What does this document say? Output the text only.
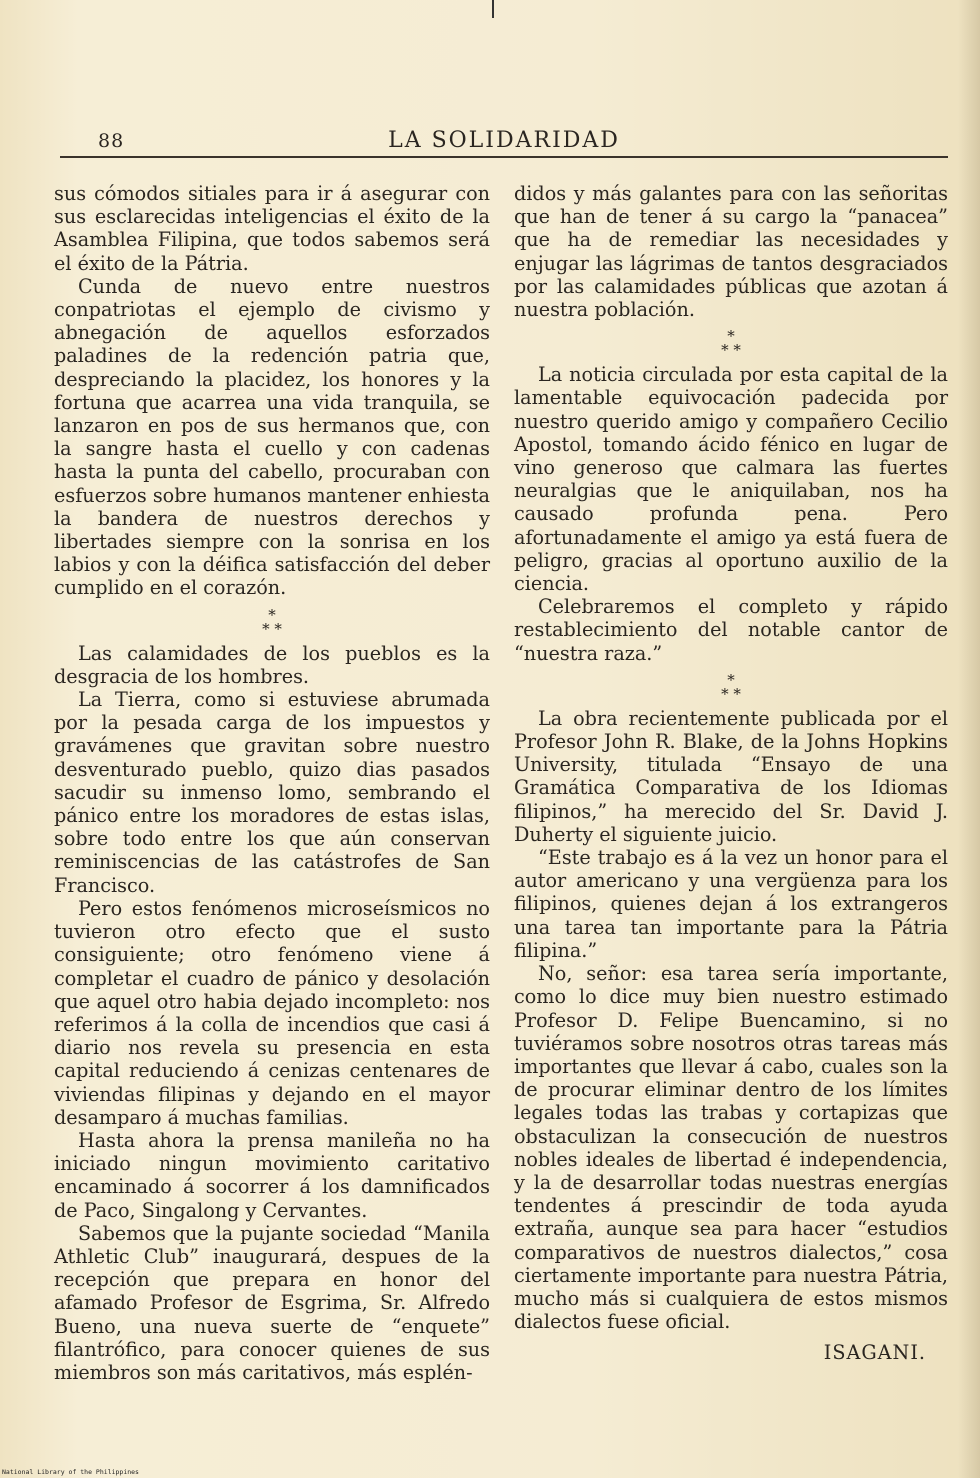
88	LA SOLIDARIDAD

sus cómodos sitiales para ir á asegurar con sus esclarecidas inteligencias el éxito de la Asamblea Filipina, que todos sabemos será el éxito de la Pátria.

Cunda de nuevo entre nuestros conpatriotas el ejemplo de civismo y abnegación de aquellos esforzados paladines de la redención patria que, despreciando la placidez, los honores y la fortuna que acarrea una vida tranquila, se lanzaron en pos de sus hermanos que, con la sangre hasta el cuello y con cadenas hasta la punta del cabello, procuraban con esfuerzos sobre humanos mantener enhiesta la bandera de nuestros derechos y libertades siempre con la sonrisa en los labios y con la déifica satisfacción del deber cumplido en el corazón.

*
* *

Las calamidades de los pueblos es la desgracia de los hombres.

La Tierra, como si estuviese abrumada por la pesada carga de los impuestos y gravámenes que gravitan sobre nuestro desventurado pueblo, quizo dias pasados sacudir su inmenso lomo, sembrando el pánico entre los moradores de estas islas, sobre todo entre los que aún conservan reminiscencias de las catástrofes de San Francisco.

Pero estos fenómenos microseísmicos no tuvieron otro efecto que el susto consiguiente; otro fenómeno viene á completar el cuadro de pánico y desolación que aquel otro habia dejado incompleto: nos referimos á la colla de incendios que casi á diario nos revela su presencia en esta capital reduciendo á cenizas centenares de viviendas filipinas y dejando en el mayor desamparo á muchas familias.

Hasta ahora la prensa manileña no ha iniciado ningun movimiento caritativo encaminado á socorrer á los damnificados de Paco, Singalong y Cervantes.

Sabemos que la pujante sociedad “Manila Athletic Club” inaugurará, despues de la recepción que prepara en honor del afamado Profesor de Esgrima, Sr. Alfredo Bueno, una nueva suerte de “enquete” filantrófico, para conocer quienes de sus miembros son más caritativos, más esplén-

didos y más galantes para con las señoritas que han de tener á su cargo la “panacea” que ha de remediar las necesidades y enjugar las lágrimas de tantos desgraciados por las calamidades públicas que azotan á nuestra población.

*
* *

La noticia circulada por esta capital de la lamentable equivocación padecida por nuestro querido amigo y compañero Cecilio Apostol, tomando ácido fénico en lugar de vino generoso que calmara las fuertes neuralgias que le aniquilaban, nos ha causado profunda pena. Pero afortunadamente el amigo ya está fuera de peligro, gracias al oportuno auxilio de la ciencia.

Celebraremos el completo y rápido restablecimiento del notable cantor de “nuestra raza.”

*
* *

La obra recientemente publicada por el Profesor John R. Blake, de la Johns Hopkins University, titulada “Ensayo de una Gramática Comparativa de los Idiomas filipinos,” ha merecido del Sr. David J. Duherty el siguiente juicio.

“Este trabajo es á la vez un honor para el autor americano y una vergüenza para los filipinos, quienes dejan á los extrangeros una tarea tan importante para la Pátria filipina.”

No, señor: esa tarea sería importante, como lo dice muy bien nuestro estimado Profesor D. Felipe Buencamino, si no tuviéramos sobre nosotros otras tareas más importantes que llevar á cabo, cuales son la de procurar eliminar dentro de los límites legales todas las trabas y cortapizas que obstaculizan la consecución de nuestros nobles ideales de libertad é independencia, y la de desarrollar todas nuestras energías tendentes á prescindir de toda ayuda extraña, aunque sea para hacer “estudios comparativos de nuestros dialectos,” cosa ciertamente importante para nuestra Pátria, mucho más si cualquiera de estos mismos dialectos fuese oficial.

ISAGANI.
National Library of the Philippines
